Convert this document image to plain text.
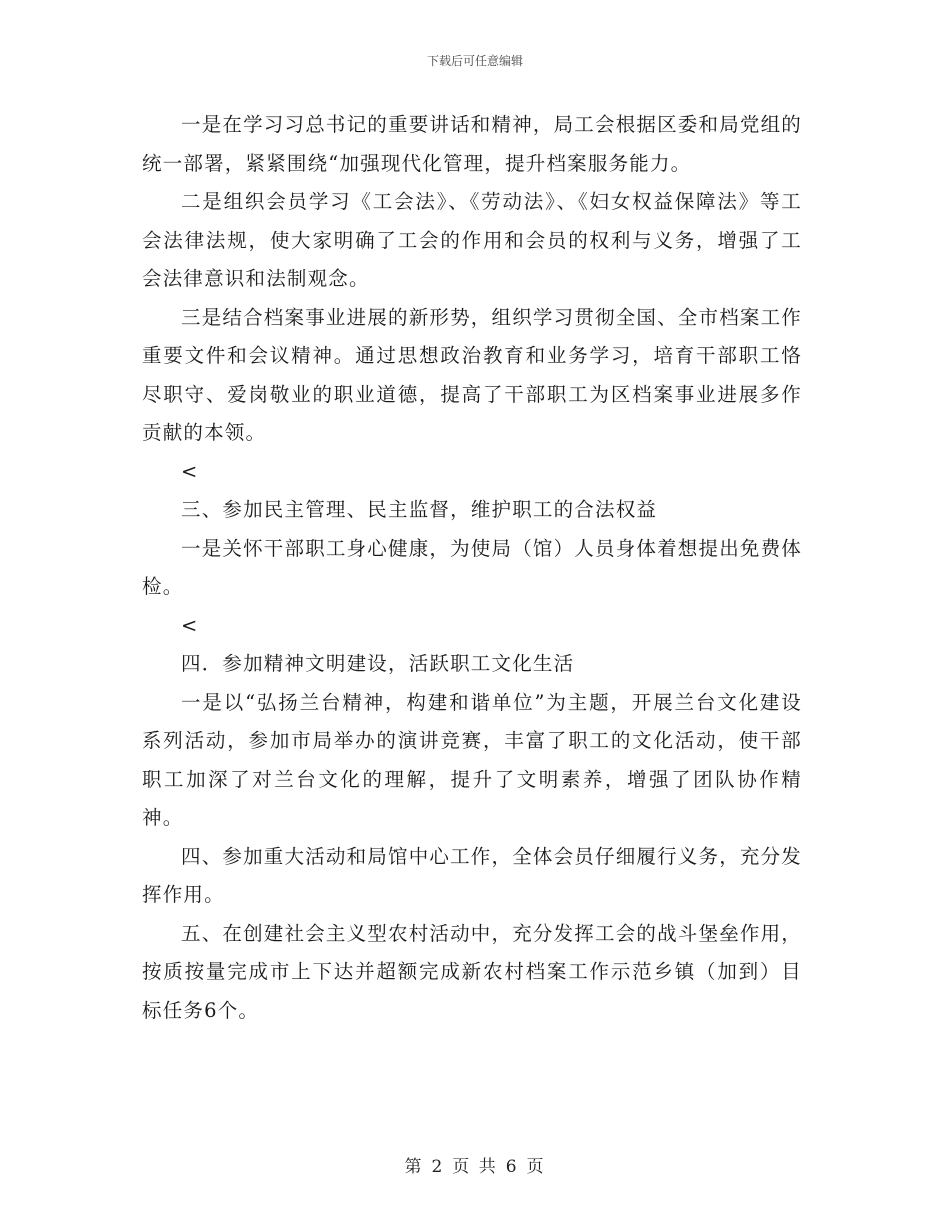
下载后可任意编辑

一是在学习习总书记的重要讲话和精神，局工会根据区委和局党组的统一部署，紧紧围绕“加强现代化管理，提升档案服务能力。

二是组织会员学习《工会法》、《劳动法》、《妇女权益保障法》等工会法律法规，使大家明确了工会的作用和会员的权利与义务，增强了工会法律意识和法制观念。

三是结合档案事业进展的新形势，组织学习贯彻全国、全市档案工作重要文件和会议精神。通过思想政治教育和业务学习，培育干部职工恪尽职守、爱岗敬业的职业道德，提高了干部职工为区档案事业进展多作贡献的本领。

<

三、参加民主管理、民主监督，维护职工的合法权益

一是关怀干部职工身心健康，为使局（馆）人员身体着想提出免费体检。

<

四．参加精神文明建设，活跃职工文化生活

一是以“弘扬兰台精神，构建和谐单位”为主题，开展兰台文化建设系列活动，参加市局举办的演讲竞赛，丰富了职工的文化活动，使干部职工加深了对兰台文化的理解，提升了文明素养，增强了团队协作精神。

四、参加重大活动和局馆中心工作，全体会员仔细履行义务，充分发挥作用。

五、在创建社会主义型农村活动中，充分发挥工会的战斗堡垒作用，按质按量完成市上下达并超额完成新农村档案工作示范乡镇（加到）目标任务6个。

第 2 页 共 6 页
